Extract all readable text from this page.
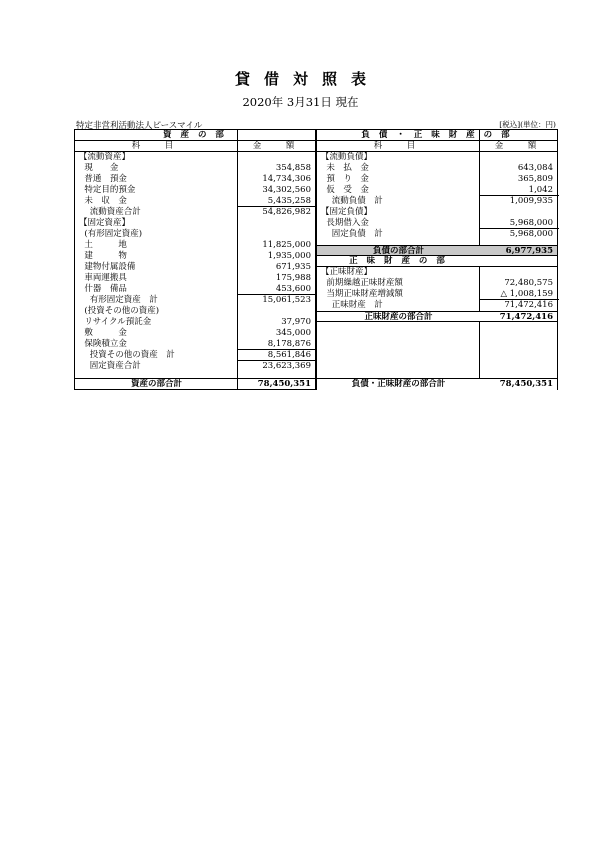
貸借対照表
2020年 3月31日 現在
特定非営利活動法人ピースマイル	[税込](単位：円)
資 産 の 部
科　目	金　額
【流動資産】
現　　金	354,858
普通　預金	14,734,306
特定目的預金	34,302,560
未　収　金	5,435,258
流動資産合計	54,826,982
【固定資産】
(有形固定資産)
土　　　地	11,825,000
建　　　物	1,935,000
建物付属設備	671,935
車両運搬具	175,988
什器　備品	453,600
有形固定資産　計	15,061,523
(投資その他の資産)
リサイクル預託金	37,970
敷　　　金	345,000
保険積立金	8,178,876
投資その他の資産　計	8,561,846
固定資産合計	23,623,369
資産の部合計	78,450,351
負 債 ・ 正 味 財 産 の 部
科　目	金　額
【流動負債】
未　払　金	643,084
預　り　金	365,809
仮　受　金	1,042
流動負債　計	1,009,935
【固定負債】
長期借入金	5,968,000
固定負債　計	5,968,000
負債の部合計	6,977,935
正 味 財 産 の 部
【正味財産】
前期繰越正味財産額	72,480,575
当期正味財産増減額	△ 1,008,159
正味財産　計	71,472,416
正味財産の部合計	71,472,416
負債・正味財産の部合計	78,450,351
